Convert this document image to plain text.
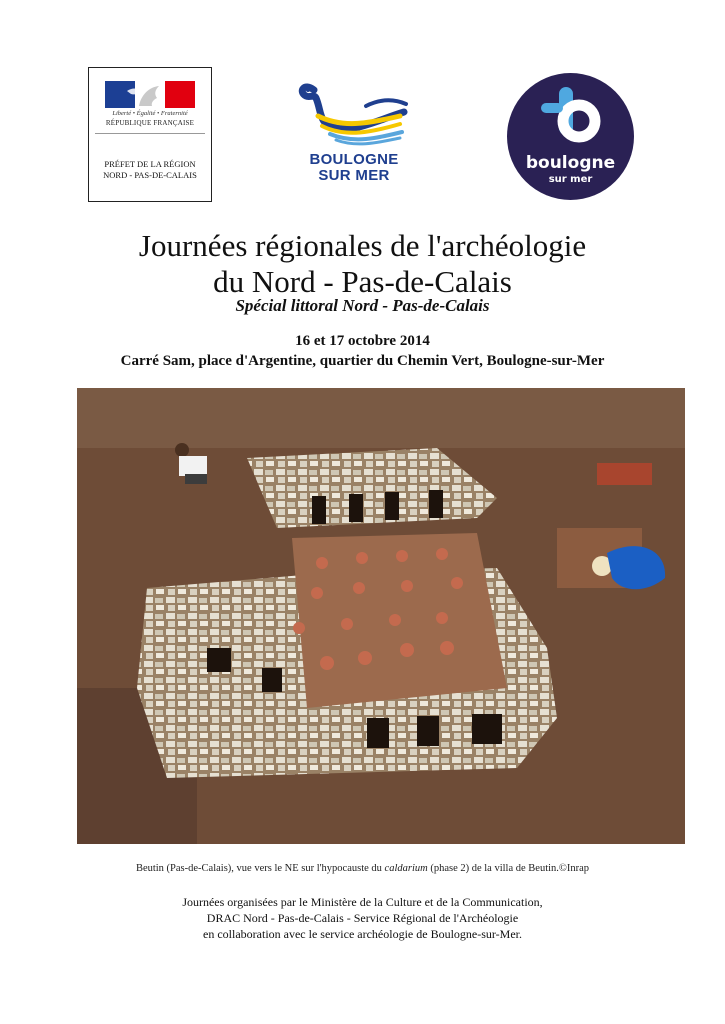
Liberté • Égalité • Fraternité
RÉPUBLIQUE FRANÇAISE
PRÉFET DE LA RÉGION
NORD - PAS-DE-CALAIS
BOULOGNE
SUR MER
boulogne
sur mer
Journées régionales de l'archéologie
du Nord - Pas-de-Calais
Spécial littoral Nord - Pas-de-Calais
16 et 17 octobre 2014
Carré Sam, place d'Argentine, quartier du Chemin Vert, Boulogne-sur-Mer
Beutin (Pas-de-Calais), vue vers le NE sur l'hypocauste du caldarium (phase 2) de la villa de Beutin.©Inrap
Journées organisées par le Ministère de la Culture et de la Communication,
DRAC Nord - Pas-de-Calais - Service Régional de l'Archéologie
en collaboration avec le service archéologie de Boulogne-sur-Mer.
